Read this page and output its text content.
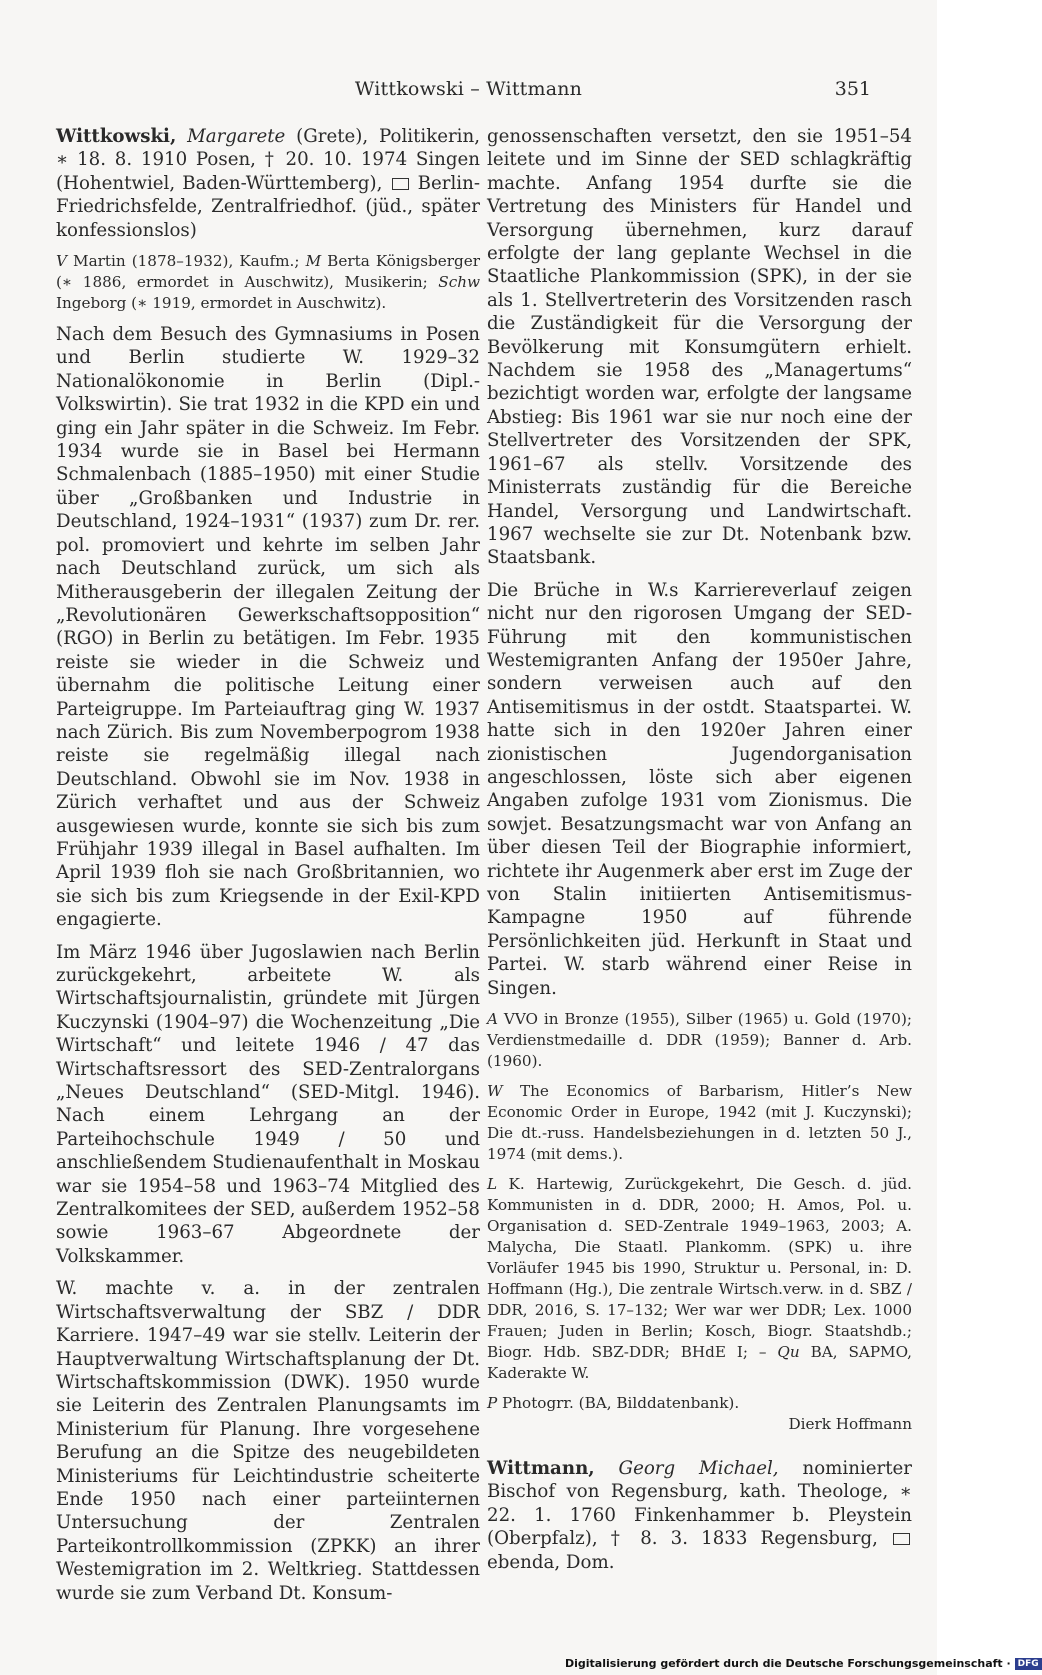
Wittkowski – Wittmann	351

Wittkowski, Margarete (Grete), Politikerin, ∗ 18. 8. 1910 Posen, † 20. 10. 1974 Singen (Hohentwiel, Baden-Württemberg),  Berlin-Friedrichsfelde, Zentralfriedhof. (jüd., später konfessionslos)

V Martin (1878–1932), Kaufm.; M Berta Königsberger (∗ 1886, ermordet in Auschwitz), Musikerin; Schw Ingeborg (∗ 1919, ermordet in Auschwitz).

Nach dem Besuch des Gymnasiums in Posen und Berlin studierte W. 1929–32 Nationalökonomie in Berlin (Dipl.-Volkswirtin). Sie trat 1932 in die KPD ein und ging ein Jahr später in die Schweiz. Im Febr. 1934 wurde sie in Basel bei Hermann Schmalenbach (1885–1950) mit einer Studie über „Großbanken und Industrie in Deutschland, 1924–1931“ (1937) zum Dr. rer. pol. promoviert und kehrte im selben Jahr nach Deutschland zurück, um sich als Mitherausgeberin der illegalen Zeitung der „Revolutionären Gewerkschaftsopposition“ (RGO) in Berlin zu betätigen. Im Febr. 1935 reiste sie wieder in die Schweiz und übernahm die politische Leitung einer Parteigruppe. Im Parteiauftrag ging W. 1937 nach Zürich. Bis zum Novemberpogrom 1938 reiste sie regelmäßig illegal nach Deutschland. Obwohl sie im Nov. 1938 in Zürich verhaftet und aus der Schweiz ausgewiesen wurde, konnte sie sich bis zum Frühjahr 1939 illegal in Basel aufhalten. Im April 1939 floh sie nach Großbritannien, wo sie sich bis zum Kriegsende in der Exil-KPD engagierte.

Im März 1946 über Jugoslawien nach Berlin zurückgekehrt, arbeitete W. als Wirtschaftsjournalistin, gründete mit Jürgen Kuczynski (1904–97) die Wochenzeitung „Die Wirtschaft“ und leitete 1946 / 47 das Wirtschaftsressort des SED-Zentralorgans „Neues Deutschland“ (SED-Mitgl. 1946). Nach einem Lehrgang an der Parteihochschule 1949 / 50 und anschließendem Studienaufenthalt in Moskau war sie 1954–58 und 1963–74 Mitglied des Zentralkomitees der SED, außerdem 1952–58 sowie 1963–67 Abgeordnete der Volkskammer.

W. machte v. a. in der zentralen Wirtschaftsverwaltung der SBZ / DDR Karriere. 1947–49 war sie stellv. Leiterin der Hauptverwaltung Wirtschaftsplanung der Dt. Wirtschaftskommission (DWK). 1950 wurde sie Leiterin des Zentralen Planungsamts im Ministerium für Planung. Ihre vorgesehene Berufung an die Spitze des neugebildeten Ministeriums für Leichtindustrie scheiterte Ende 1950 nach einer parteiinternen Untersuchung der Zentralen Parteikontrollkommission (ZPKK) an ihrer Westemigration im 2. Weltkrieg. Stattdessen wurde sie zum Verband Dt. Konsum-

genossenschaften versetzt, den sie 1951–54 leitete und im Sinne der SED schlagkräftig machte. Anfang 1954 durfte sie die Vertretung des Ministers für Handel und Versorgung übernehmen, kurz darauf erfolgte der lang geplante Wechsel in die Staatliche Plankommission (SPK), in der sie als 1. Stellvertreterin des Vorsitzenden rasch die Zuständigkeit für die Versorgung der Bevölkerung mit Konsumgütern erhielt. Nachdem sie 1958 des „Managertums“ bezichtigt worden war, erfolgte der langsame Abstieg: Bis 1961 war sie nur noch eine der Stellvertreter des Vorsitzenden der SPK, 1961–67 als stellv. Vorsitzende des Ministerrats zuständig für die Bereiche Handel, Versorgung und Landwirtschaft. 1967 wechselte sie zur Dt. Notenbank bzw. Staatsbank.

Die Brüche in W.s Karriereverlauf zeigen nicht nur den rigorosen Umgang der SED-Führung mit den kommunistischen Westemigranten Anfang der 1950er Jahre, sondern verweisen auch auf den Antisemitismus in der ostdt. Staatspartei. W. hatte sich in den 1920er Jahren einer zionistischen Jugendorganisation angeschlossen, löste sich aber eigenen Angaben zufolge 1931 vom Zionismus. Die sowjet. Besatzungsmacht war von Anfang an über diesen Teil der Biographie informiert, richtete ihr Augenmerk aber erst im Zuge der von Stalin initiierten Antisemitismus-Kampagne 1950 auf führende Persönlichkeiten jüd. Herkunft in Staat und Partei. W. starb während einer Reise in Singen.

A VVO in Bronze (1955), Silber (1965) u. Gold (1970); Verdienstmedaille d. DDR (1959); Banner d. Arb. (1960).

W The Economics of Barbarism, Hitler’s New Economic Order in Europe, 1942 (mit J. Kuczynski); Die dt.-russ. Handelsbeziehungen in d. letzten 50 J., 1974 (mit dems.).

L K. Hartewig, Zurückgekehrt, Die Gesch. d. jüd. Kommunisten in d. DDR, 2000; H. Amos, Pol. u. Organisation d. SED-Zentrale 1949–1963, 2003; A. Malycha, Die Staatl. Plankomm. (SPK) u. ihre Vorläufer 1945 bis 1990, Struktur u. Personal, in: D. Hoffmann (Hg.), Die zentrale Wirtsch.verw. in d. SBZ / DDR, 2016, S. 17–132; Wer war wer DDR; Lex. 1000 Frauen; Juden in Berlin; Kosch, Biogr. Staatshdb.; Biogr. Hdb. SBZ-DDR; BHdE I; – Qu BA, SAPMO, Kaderakte W.

P Photogrr. (BA, Bilddatenbank).

Dierk Hoffmann

Wittmann, Georg Michael, nominierter Bischof von Regensburg, kath. Theologe, ∗ 22. 1. 1760 Finkenhammer b. Pleystein (Oberpfalz), † 8. 3. 1833 Regensburg,  ebenda, Dom.

Digitalisierung gefördert durch die Deutsche Forschungsgemeinschaft · DFG
